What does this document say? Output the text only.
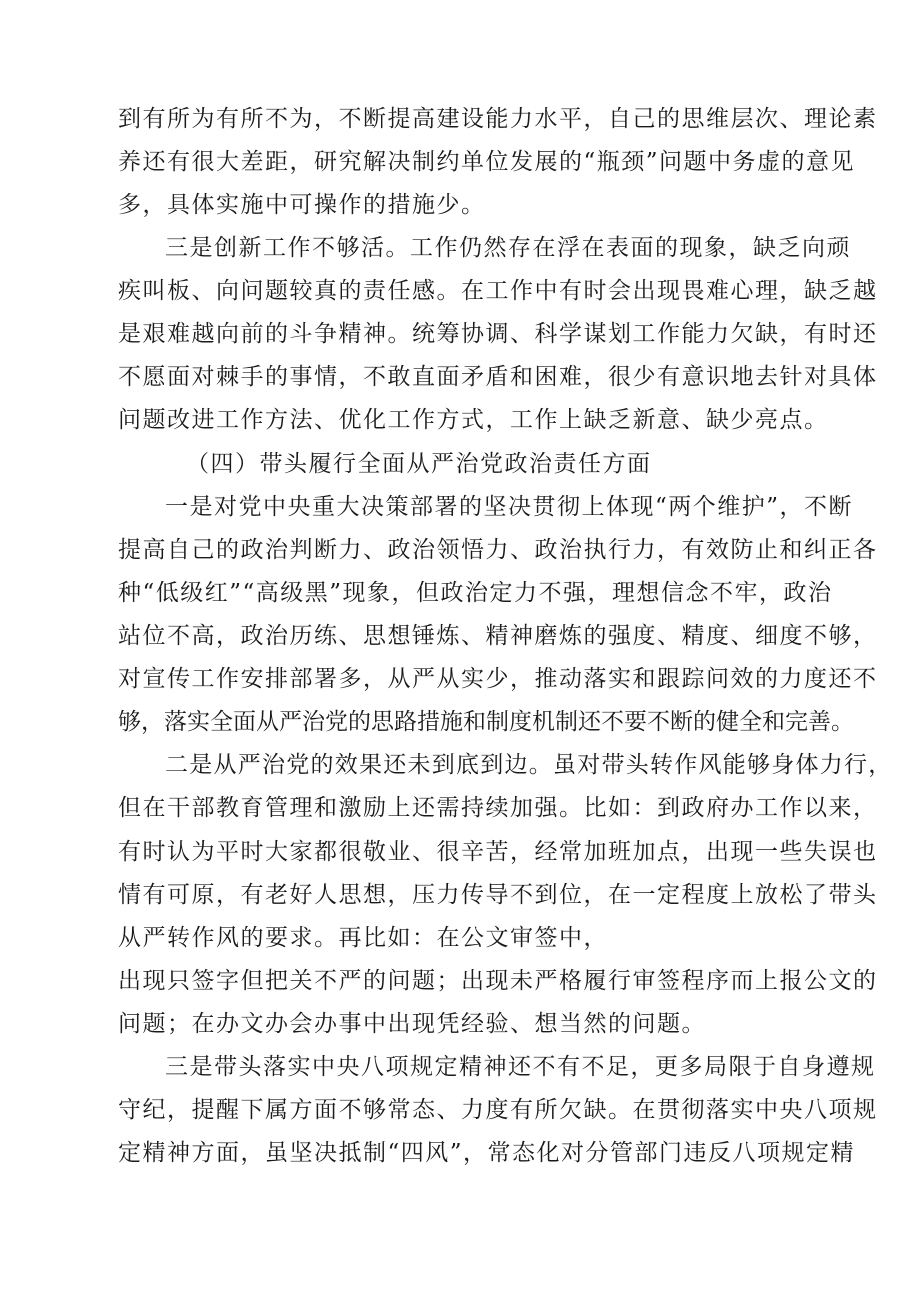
到有所为有所不为，不断提高建设能力水平，自己的思维层次、理论素

养还有很大差距，研究解决制约单位发展的“瓶颈”问题中务虚的意见

多，具体实施中可操作的措施少。

三是创新工作不够活。工作仍然存在浮在表面的现象，缺乏向顽

疾叫板、向问题较真的责任感。在工作中有时会出现畏难心理，缺乏越

是艰难越向前的斗争精神。统筹协调、科学谋划工作能力欠缺，有时还

不愿面对棘手的事情，不敢直面矛盾和困难，很少有意识地去针对具体

问题改进工作方法、优化工作方式，工作上缺乏新意、缺少亮点。

（四）带头履行全面从严治党政治责任方面

一是对党中央重大决策部署的坚决贯彻上体现“两个维护”，不断

提高自己的政治判断力、政治领悟力、政治执行力，有效防止和纠正各

种“低级红”“高级黑”现象，但政治定力不强，理想信念不牢，政治

站位不高，政治历练、思想锤炼、精神磨炼的强度、精度、细度不够，

对宣传工作安排部署多，从严从实少，推动落实和跟踪问效的力度还不

够，落实全面从严治党的思路措施和制度机制还不要不断的健全和完善。

二是从严治党的效果还未到底到边。虽对带头转作风能够身体力行，

但在干部教育管理和激励上还需持续加强。比如：到政府办工作以来，

有时认为平时大家都很敬业、很辛苦，经常加班加点，出现一些失误也

情有可原，有老好人思想，压力传导不到位，在一定程度上放松了带头

从严转作风的要求。再比如：在公文审签中，

出现只签字但把关不严的问题；出现未严格履行审签程序而上报公文的

问题；在办文办会办事中出现凭经验、想当然的问题。

三是带头落实中央八项规定精神还不有不足，更多局限于自身遵规

守纪，提醒下属方面不够常态、力度有所欠缺。在贯彻落实中央八项规

定精神方面，虽坚决抵制“四风”，常态化对分管部门违反八项规定精
